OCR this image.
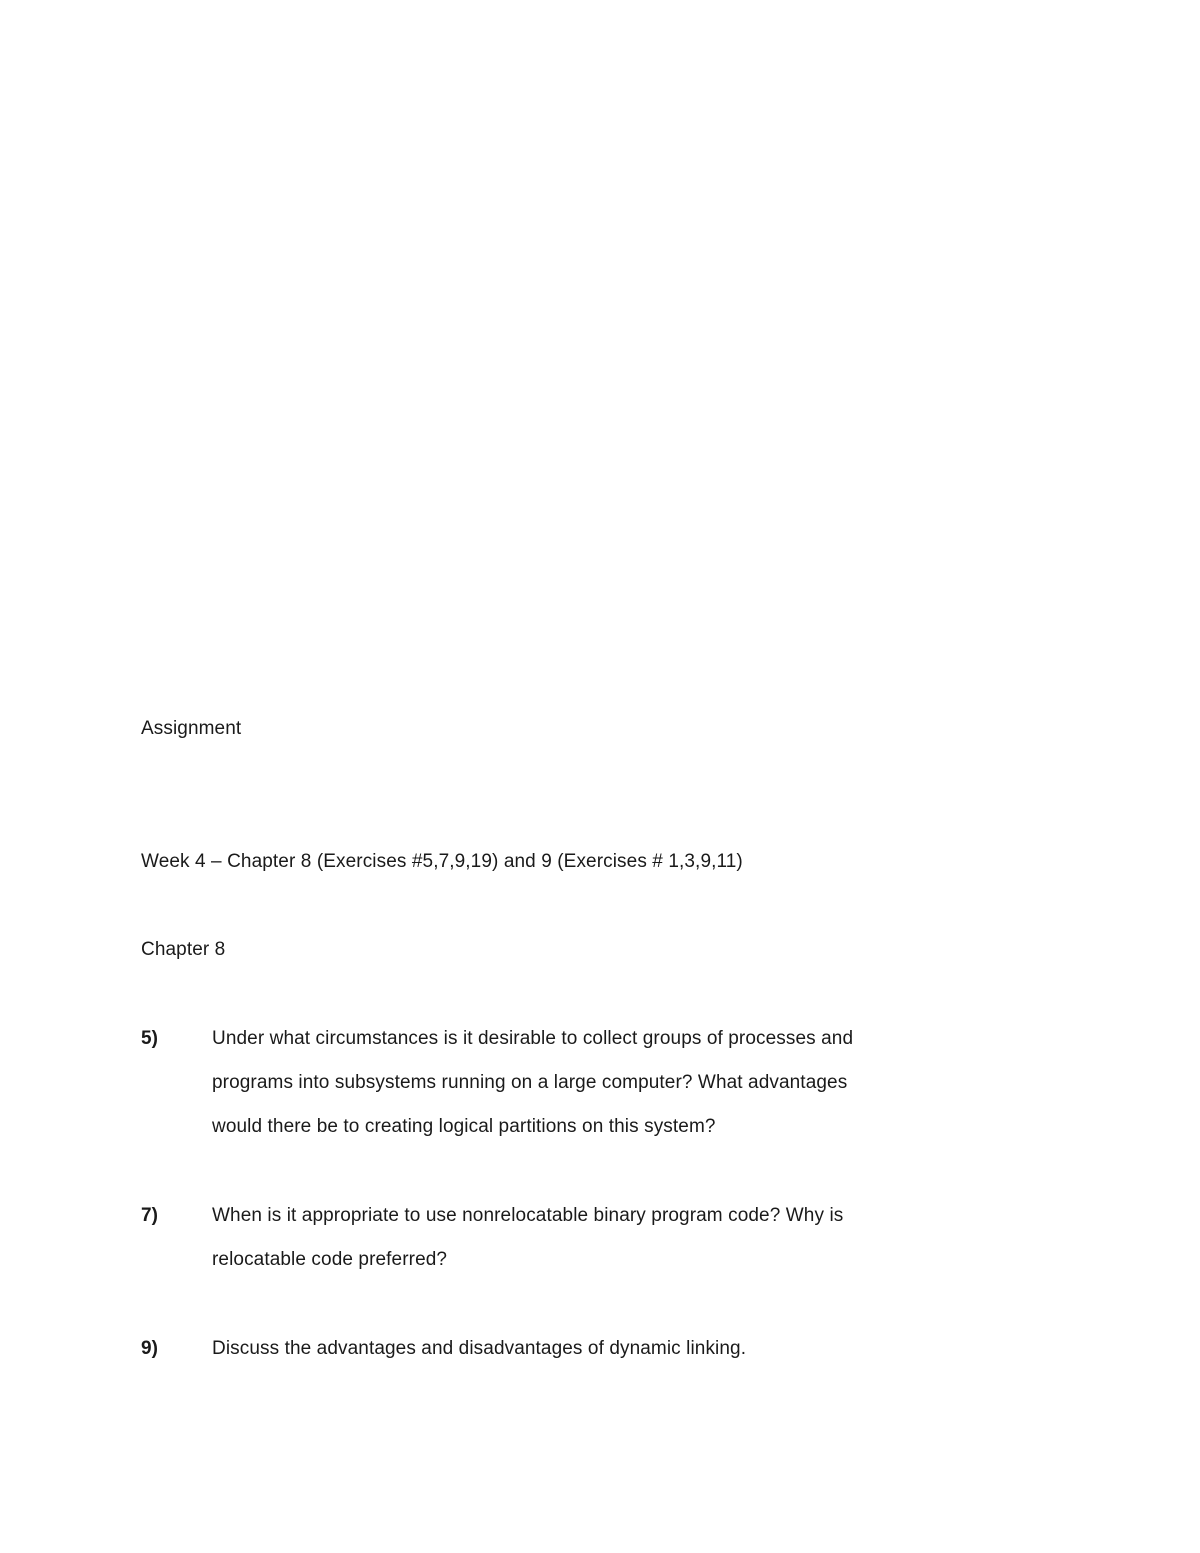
Assignment
Week 4 – Chapter 8 (Exercises #5,7,9,19) and 9 (Exercises # 1,3,9,11)
Chapter 8
5)	Under what circumstances is it desirable to collect groups of processes and
programs into subsystems running on a large computer? What advantages
would there be to creating logical partitions on this system?
7)	When is it appropriate to use nonrelocatable binary program code? Why is
relocatable code preferred?
9)	Discuss the advantages and disadvantages of dynamic linking.
